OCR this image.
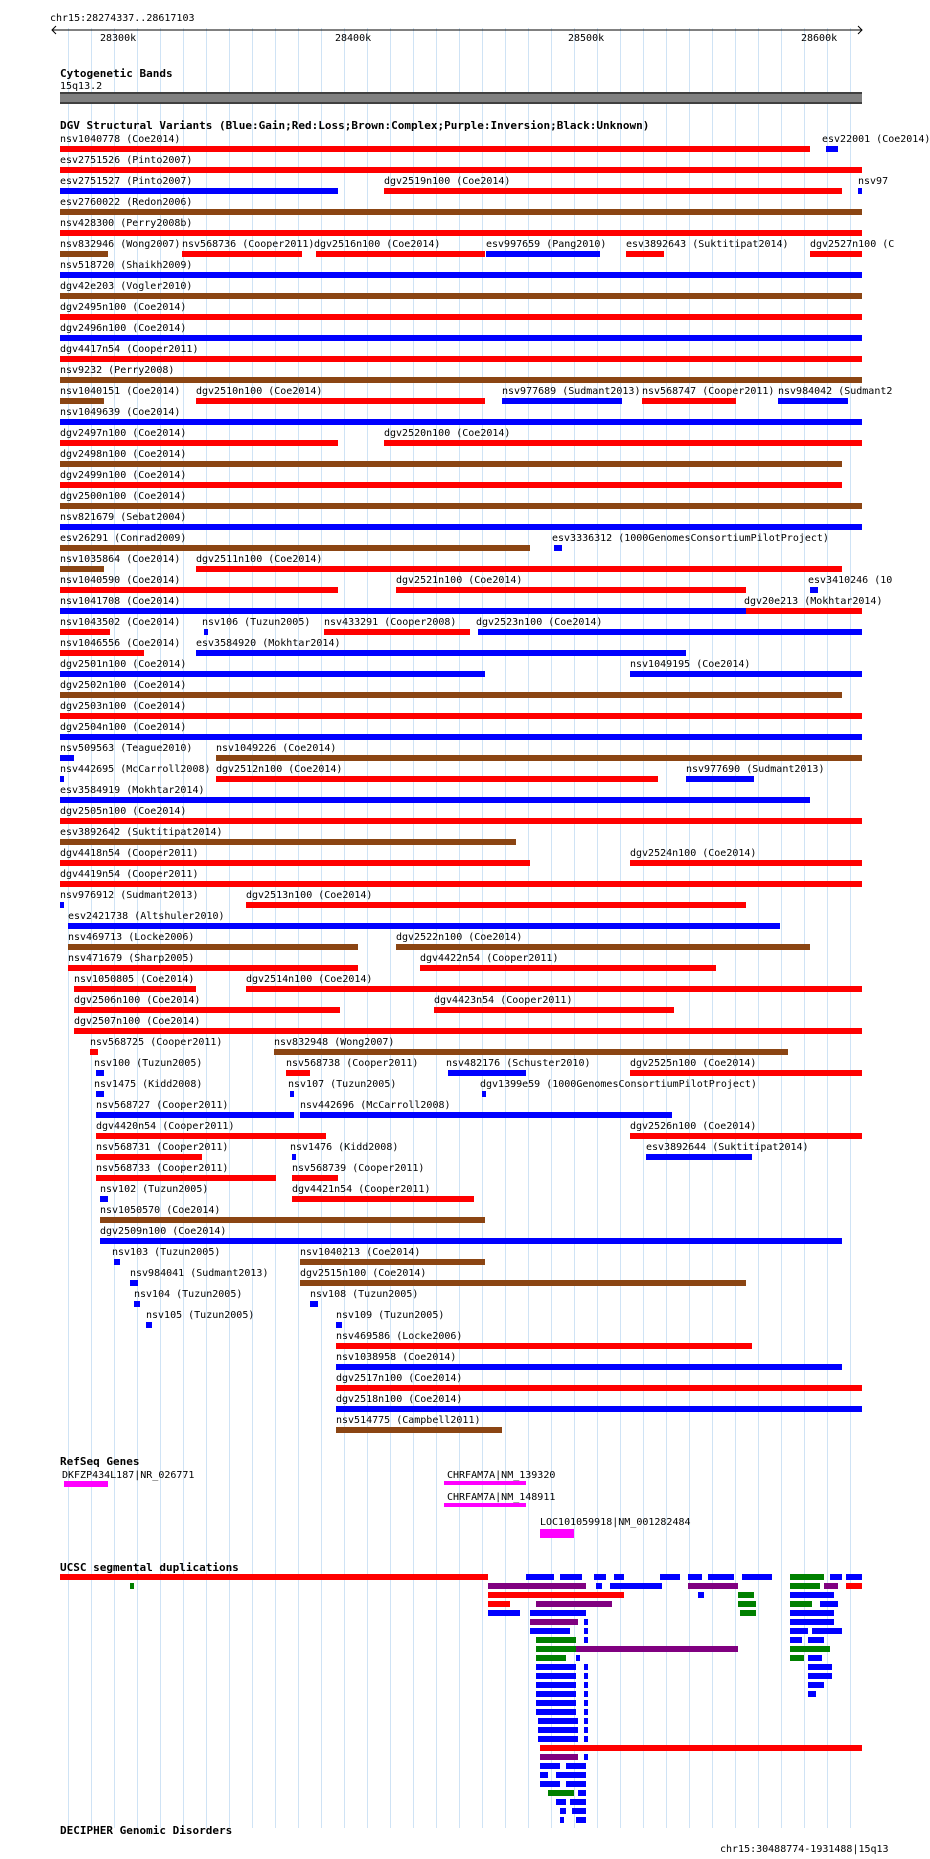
chr15:28274337..28617103
28300k	28400k	28500k	28600k
Cytogenetic Bands
15q13.2
DGV Structural Variants (Blue:Gain;Red:Loss;Brown:Complex;Purple:Inversion;Black:Unknown)
nsv1040778 (Coe2014)	esv22001 (Coe2014)
esv2751526 (Pinto2007)
esv2751527 (Pinto2007)	dgv2519n100 (Coe2014)	nsv97
esv2760022 (Redon2006)
nsv428300 (Perry2008b)
nsv832946 (Wong2007) nsv568736 (Cooper2011) dgv2516n100 (Coe2014)	esv997659 (Pang2010) esv3892643 (Suktitipat2014) dgv2527n100 (C
nsv518720 (Shaikh2009)
dgv42e203 (Vogler2010)
dgv2495n100 (Coe2014)
dgv2496n100 (Coe2014)
dgv4417n54 (Cooper2011)
nsv9232 (Perry2008)
nsv1040151 (Coe2014) dgv2510n100 (Coe2014)	nsv977689 (Sudmant2013) nsv568747 (Cooper2011) nsv984042 (Sudmant2
nsv1049639 (Coe2014)
dgv2497n100 (Coe2014)	dgv2520n100 (Coe2014)
dgv2498n100 (Coe2014)
dgv2499n100 (Coe2014)
dgv2500n100 (Coe2014)
nsv821679 (Sebat2004)
esv26291 (Conrad2009)	esv3336312 (1000GenomesConsortiumPilotProject)
nsv1035864 (Coe2014) dgv2511n100 (Coe2014)
nsv1040590 (Coe2014)	dgv2521n100 (Coe2014)	esv3410246 (10
nsv1041708 (Coe2014)	dgv20e213 (Mokhtar2014)
nsv1043502 (Coe2014) nsv106 (Tuzun2005) nsv433291 (Cooper2008) dgv2523n100 (Coe2014)
nsv1046556 (Coe2014) esv3584920 (Mokhtar2014)
dgv2501n100 (Coe2014)	nsv1049195 (Coe2014)
dgv2502n100 (Coe2014)
dgv2503n100 (Coe2014)
dgv2504n100 (Coe2014)
nsv509563 (Teague2010) nsv1049226 (Coe2014)
nsv442695 (McCarroll2008) dgv2512n100 (Coe2014)	nsv977690 (Sudmant2013)
esv3584919 (Mokhtar2014)
dgv2505n100 (Coe2014)
esv3892642 (Suktitipat2014)
dgv4418n54 (Cooper2011)	dgv2524n100 (Coe2014)
dgv4419n54 (Cooper2011)
nsv976912 (Sudmant2013)	dgv2513n100 (Coe2014)
esv2421738 (Altshuler2010)
nsv469713 (Locke2006)	dgv2522n100 (Coe2014)
nsv471679 (Sharp2005)	dgv4422n54 (Cooper2011)
nsv1050805 (Coe2014)	dgv2514n100 (Coe2014)
dgv2506n100 (Coe2014)	dgv4423n54 (Cooper2011)
dgv2507n100 (Coe2014)
nsv568725 (Cooper2011)	nsv832948 (Wong2007)
nsv100 (Tuzun2005)	nsv568738 (Cooper2011)	nsv482176 (Schuster2010)	dgv2525n100 (Coe2014)
nsv1475 (Kidd2008)	nsv107 (Tuzun2005)	dgv1399e59 (1000GenomesConsortiumPilotProject)
nsv568727 (Cooper2011)	nsv442696 (McCarroll2008)
dgv4420n54 (Cooper2011)	dgv2526n100 (Coe2014)
nsv568731 (Cooper2011)	nsv1476 (Kidd2008)	esv3892644 (Suktitipat2014)
nsv568733 (Cooper2011)	nsv568739 (Cooper2011)
nsv102 (Tuzun2005)	dgv4421n54 (Cooper2011)
nsv1050570 (Coe2014)
dgv2509n100 (Coe2014)
nsv103 (Tuzun2005)	nsv1040213 (Coe2014)
nsv984041 (Sudmant2013)	dgv2515n100 (Coe2014)
nsv104 (Tuzun2005)	nsv108 (Tuzun2005)
nsv105 (Tuzun2005)	nsv109 (Tuzun2005)
nsv469586 (Locke2006)
nsv1038958 (Coe2014)
dgv2517n100 (Coe2014)
dgv2518n100 (Coe2014)
nsv514775 (Campbell2011)
RefSeq Genes
DKFZP434L187|NR_026771	CHRFAM7A|NM_139320
CHRFAM7A|NM_148911
LOC101059918|NM_001282484
UCSC segmental duplications
DECIPHER Genomic Disorders
chr15:30488774-1931488|15q13
